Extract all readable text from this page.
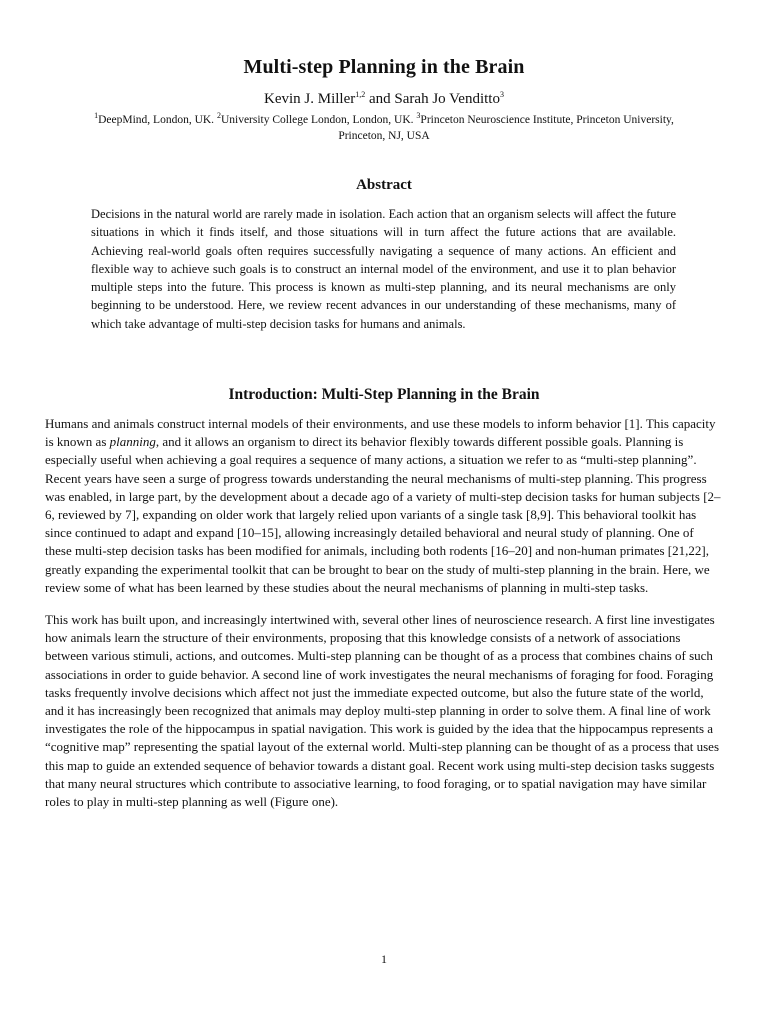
Multi-step Planning in the Brain
Kevin J. Miller$^{1,2}$ and Sarah Jo Venditto$^3$
$^1$DeepMind, London, UK. $^2$University College London, London, UK. $^3$Princeton Neuroscience Institute, Princeton University, Princeton, NJ, USA
Abstract
Decisions in the natural world are rarely made in isolation. Each action that an organism selects will affect the future situations in which it finds itself, and those situations will in turn affect the future actions that are available. Achieving real-world goals often requires successfully navigating a sequence of many actions. An efficient and flexible way to achieve such goals is to construct an internal model of the environment, and use it to plan behavior multiple steps into the future. This process is known as multi-step planning, and its neural mechanisms are only beginning to be understood. Here, we review recent advances in our understanding of these mechanisms, many of which take advantage of multi-step decision tasks for humans and animals.
Introduction: Multi-Step Planning in the Brain

Humans and animals construct internal models of their environments, and use these models to inform behavior [1]. This capacity is known as planning, and it allows an organism to direct its behavior flexibly towards different possible goals. Planning is especially useful when achieving a goal requires a sequence of many actions, a situation we refer to as “multi-step planning”. Recent years have seen a surge of progress towards understanding the neural mechanisms of multi-step planning. This progress was enabled, in large part, by the development about a decade ago of a variety of multi-step decision tasks for human subjects [2–6, reviewed by 7], expanding on older work that largely relied upon variants of a single task [8,9]. This behavioral toolkit has since continued to adapt and expand [10–15], allowing increasingly detailed behavioral and neural study of planning. One of these multi-step decision tasks has been modified for animals, including both rodents [16–20] and non-human primates [21,22], greatly expanding the experimental toolkit that can be brought to bear on the study of multi-step planning in the brain. Here, we review some of what has been learned by these studies about the neural mechanisms of planning in multi-step tasks.

This work has built upon, and increasingly intertwined with, several other lines of neuroscience research. A first line investigates how animals learn the structure of their environments, proposing that this knowledge consists of a network of associations between various stimuli, actions, and outcomes. Multi-step planning can be thought of as a process that combines chains of such associations in order to guide behavior. A second line of work investigates the neural mechanisms of foraging for food. Foraging tasks frequently involve decisions which affect not just the immediate expected outcome, but also the future state of the world, and it has increasingly been recognized that animals may deploy multi-step planning in order to solve them. A final line of work investigates the role of the hippocampus in spatial navigation. This work is guided by the idea that the hippocampus represents a “cognitive map” representing the spatial layout of the external world. Multi-step planning can be thought of as a process that uses this map to guide an extended sequence of behavior towards a distant goal. Recent work using multi-step decision tasks suggests that many neural structures which contribute to associative learning, to food foraging, or to spatial navigation may have similar roles to play in multi-step planning as well (Figure one).

1
